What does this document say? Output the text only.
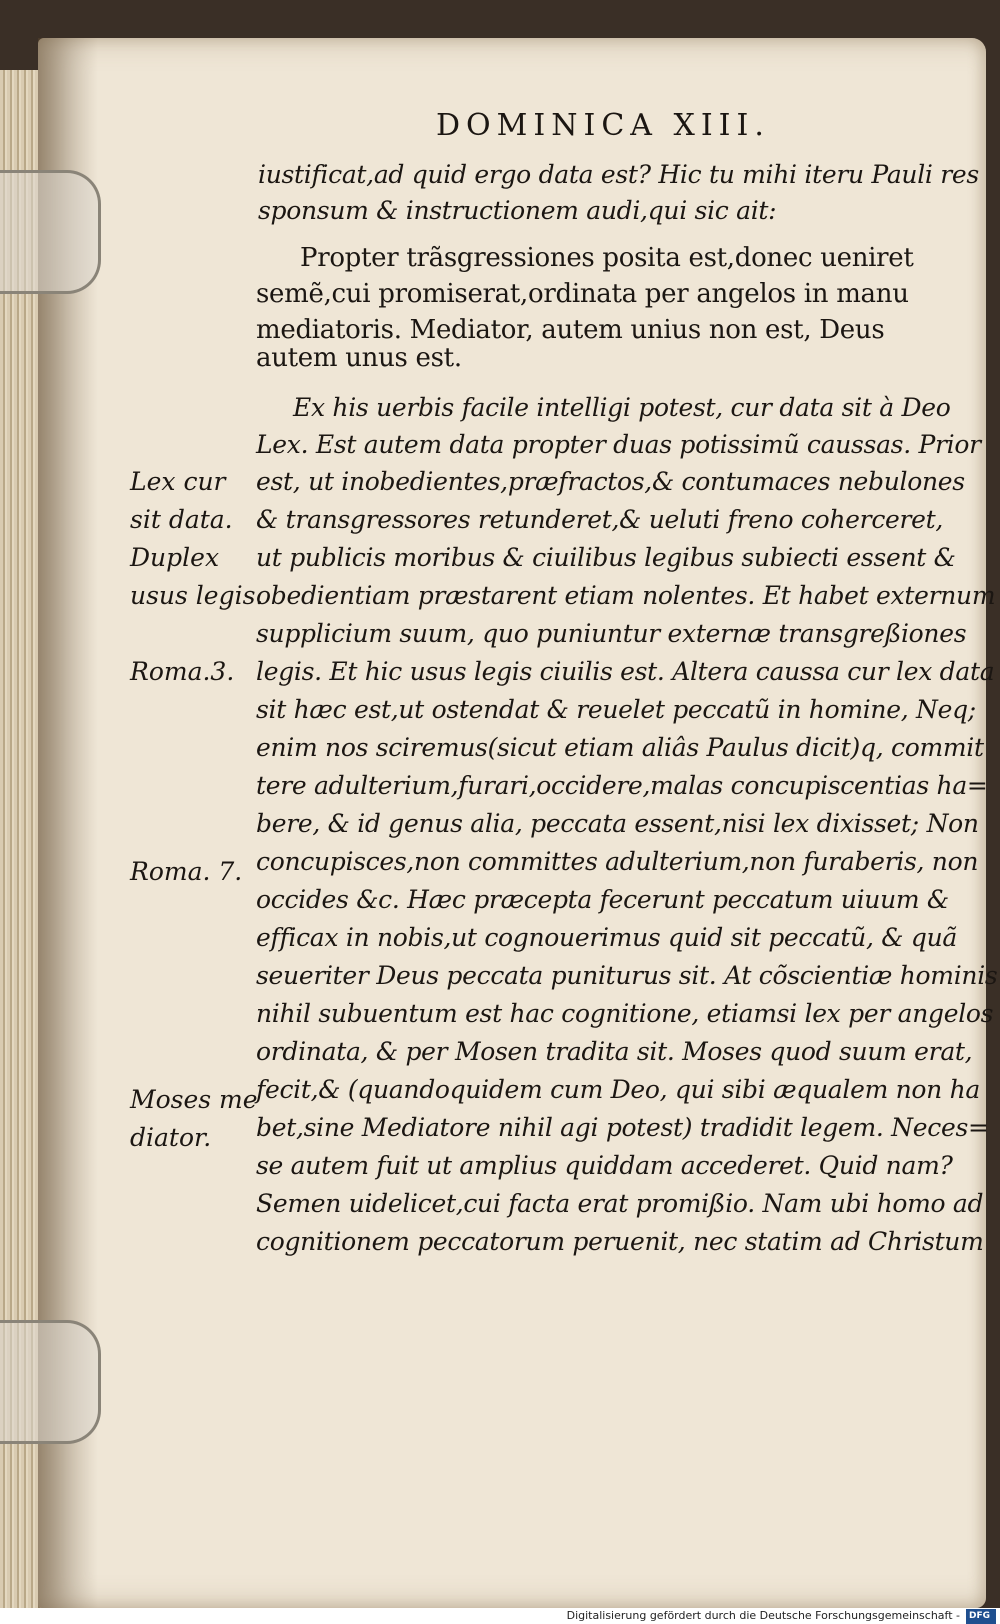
DOMINICA XIII.
iustificat,ad quid ergo data est? Hic tu mihi iteru Pauli res
sponsum & instructionem audi,qui sic ait:
Propter trãsgressiones posita est,donec ueniret
semẽ,cui promiserat,ordinata per angelos in manu
mediatoris. Mediator, autem unius non est, Deus
autem unus est.
Ex his uerbis facile intelligi potest, cur data sit à Deo
Lex. Est autem data propter duas potissimũ caussas. Prior
est, ut inobedientes,præfractos,& contumaces nebulones
& transgressores retunderet,& ueluti freno coherceret,
ut publicis moribus & ciuilibus legibus subiecti essent &
obedientiam præstarent etiam nolentes. Et habet externum
supplicium suum, quo puniuntur externæ transgreßiones
legis. Et hic usus legis ciuilis est. Altera caussa cur lex data
sit hæc est,ut ostendat & reuelet peccatũ in homine, Neq;
enim nos sciremus(sicut etiam aliâs Paulus dicit)q, commit
tere adulterium,furari,occidere,malas concupiscentias ha=
bere, & id genus alia, peccata essent,nisi lex dixisset; Non
concupisces,non committes adulterium,non furaberis, non
occides &c. Hæc præcepta fecerunt peccatum uiuum &
efficax in nobis,ut cognouerimus quid sit peccatũ, & quã
seueriter Deus peccata puniturus sit. At cõscientiæ hominis
nihil subuentum est hac cognitione, etiamsi lex per angelos
ordinata, & per Mosen tradita sit. Moses quod suum erat,
fecit,& (quandoquidem cum Deo, qui sibi æqualem non ha
bet,sine Mediatore nihil agi potest) tradidit legem. Neces=
se autem fuit ut amplius quiddam accederet. Quid nam?
Semen uidelicet,cui facta erat promißio. Nam ubi homo ad
cognitionem peccatorum peruenit, nec statim ad Christum
Lex cur
sit data.
Duplex
usus legis.
Roma.3.
Roma. 7.
Moses me
diator.
Digitalisierung gefördert durch die Deutsche Forschungsgemeinschaft - DFG
